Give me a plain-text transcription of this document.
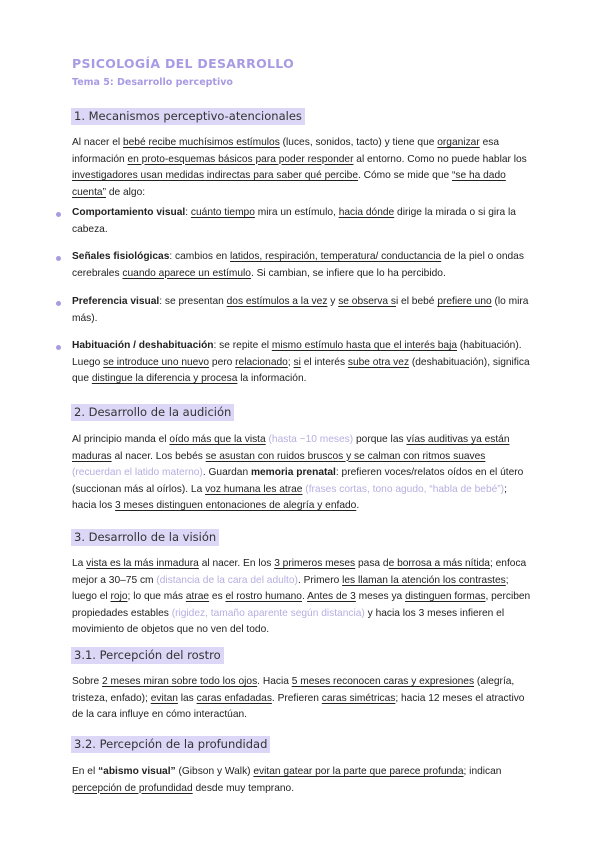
PSICOLOGÍA DEL DESARROLLO
Tema 5: Desarrollo perceptivo
1. Mecanismos perceptivo-atencionales
Al nacer el bebé recibe muchísimos estímulos (luces, sonidos, tacto) y tiene que organizar esa información en proto-esquemas básicos para poder responder al entorno. Como no puede hablar los investigadores usan medidas indirectas para saber qué percibe. Cómo se mide que “se ha dado cuenta” de algo:
Comportamiento visual: cuánto tiempo mira un estímulo, hacia dónde dirige la mirada o si gira la cabeza.
Señales fisiológicas: cambios en latidos, respiración, temperatura/ conductancia de la piel o ondas cerebrales cuando aparece un estímulo. Si cambian, se infiere que lo ha percibido.
Preferencia visual: se presentan dos estímulos a la vez y se observa si el bebé prefiere uno (lo mira más).
Habituación / deshabituación: se repite el mismo estímulo hasta que el interés baja (habituación). Luego se introduce uno nuevo pero relacionado; si el interés sube otra vez (deshabituación), significa que distingue la diferencia y procesa la información.
2. Desarrollo de la audición
Al principio manda el oído más que la vista (hasta ~10 meses) porque las vías auditivas ya están maduras al nacer. Los bebés se asustan con ruidos bruscos y se calman con ritmos suaves (recuerdan el latido materno). Guardan memoria prenatal: prefieren voces/relatos oídos en el útero (succionan más al oírlos). La voz humana les atrae (frases cortas, tono agudo, “habla de bebé”); hacia los 3 meses distinguen entonaciones de alegría y enfado.
3. Desarrollo de la visión
La vista es la más inmadura al nacer. En los 3 primeros meses pasa de borrosa a más nítida; enfoca mejor a 30–75 cm (distancia de la cara del adulto). Primero les llaman la atención los contrastes; luego el rojo; lo que más atrae es el rostro humano. Antes de 3 meses ya distinguen formas, perciben propiedades estables (rigidez, tamaño aparente según distancia) y hacia los 3 meses infieren el movimiento de objetos que no ven del todo.
3.1. Percepción del rostro
Sobre 2 meses miran sobre todo los ojos. Hacia 5 meses reconocen caras y expresiones (alegría, tristeza, enfado); evitan las caras enfadadas. Prefieren caras simétricas; hacia 12 meses el atractivo de la cara influye en cómo interactúan.
3.2. Percepción de la profundidad
En el “abismo visual” (Gibson y Walk) evitan gatear por la parte que parece profunda; indican percepción de profundidad desde muy temprano.
